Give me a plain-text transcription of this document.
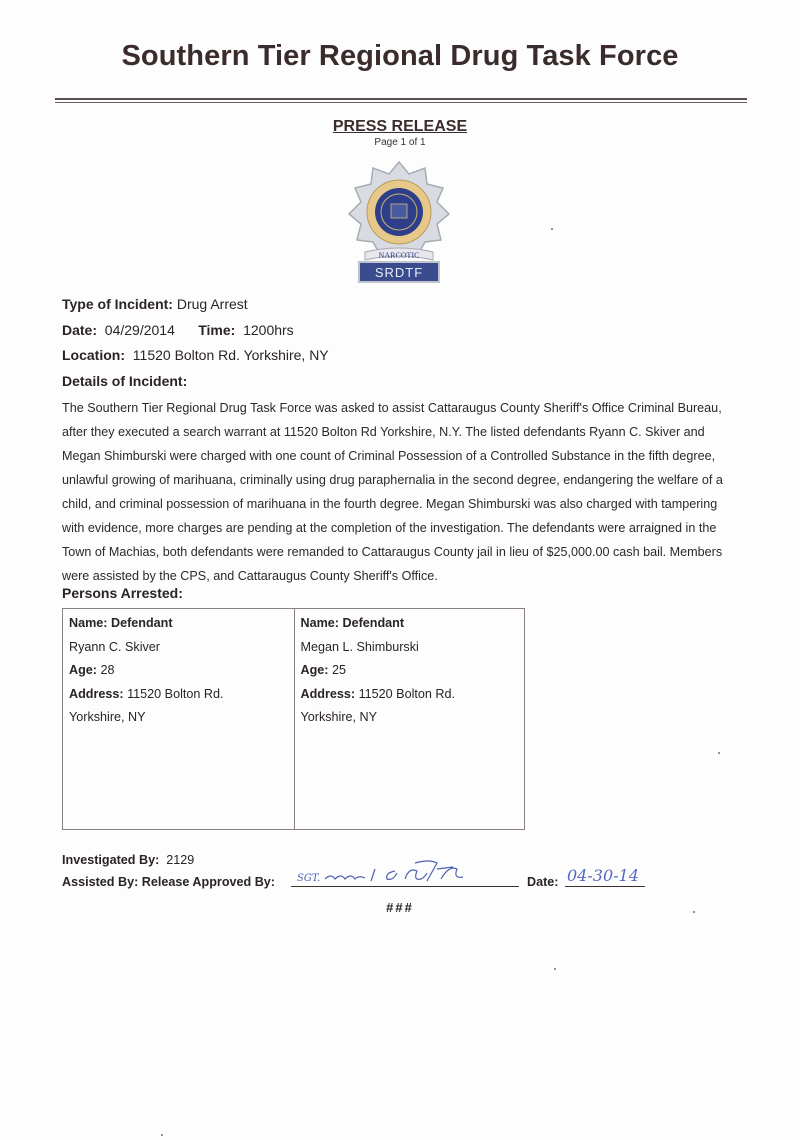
Southern Tier Regional Drug Task Force
PRESS RELEASE
Page 1 of 1
NARCOTIC
SRDTF
Type of Incident: Drug Arrest
Date: 04/29/2014 Time: 1200hrs
Location: 11520 Bolton Rd. Yorkshire, NY
Details of Incident:
The Southern Tier Regional Drug Task Force was asked to assist Cattaraugus County Sheriff's Office Criminal Bureau, after they executed a search warrant at 11520 Bolton Rd Yorkshire, N.Y. The listed defendants Ryann C. Skiver and Megan Shimburski were charged with one count of Criminal Possession of a Controlled Substance in the fifth degree, unlawful growing of marihuana, criminally using drug paraphernalia in the second degree, endangering the welfare of a child, and criminal possession of marihuana in the fourth degree. Megan Shimburski was also charged with tampering with evidence, more charges are pending at the completion of the investigation. The defendants were arraigned in the Town of Machias, both defendants were remanded to Cattaraugus County jail in lieu of $25,000.00 cash bail. Members were assisted by the CPS, and Cattaraugus County Sheriff's Office.
Persons Arrested:
Name: Defendant
Ryann C. Skiver
Age: 28
Address: 11520 Bolton Rd.
Yorkshire, NY
Name: Defendant
Megan L. Shimburski
Age: 25
Address: 11520 Bolton Rd.
Yorkshire, NY
Investigated By: 2129
Assisted By: Release Approved By: SGT.	Date: 04-30-14
###
